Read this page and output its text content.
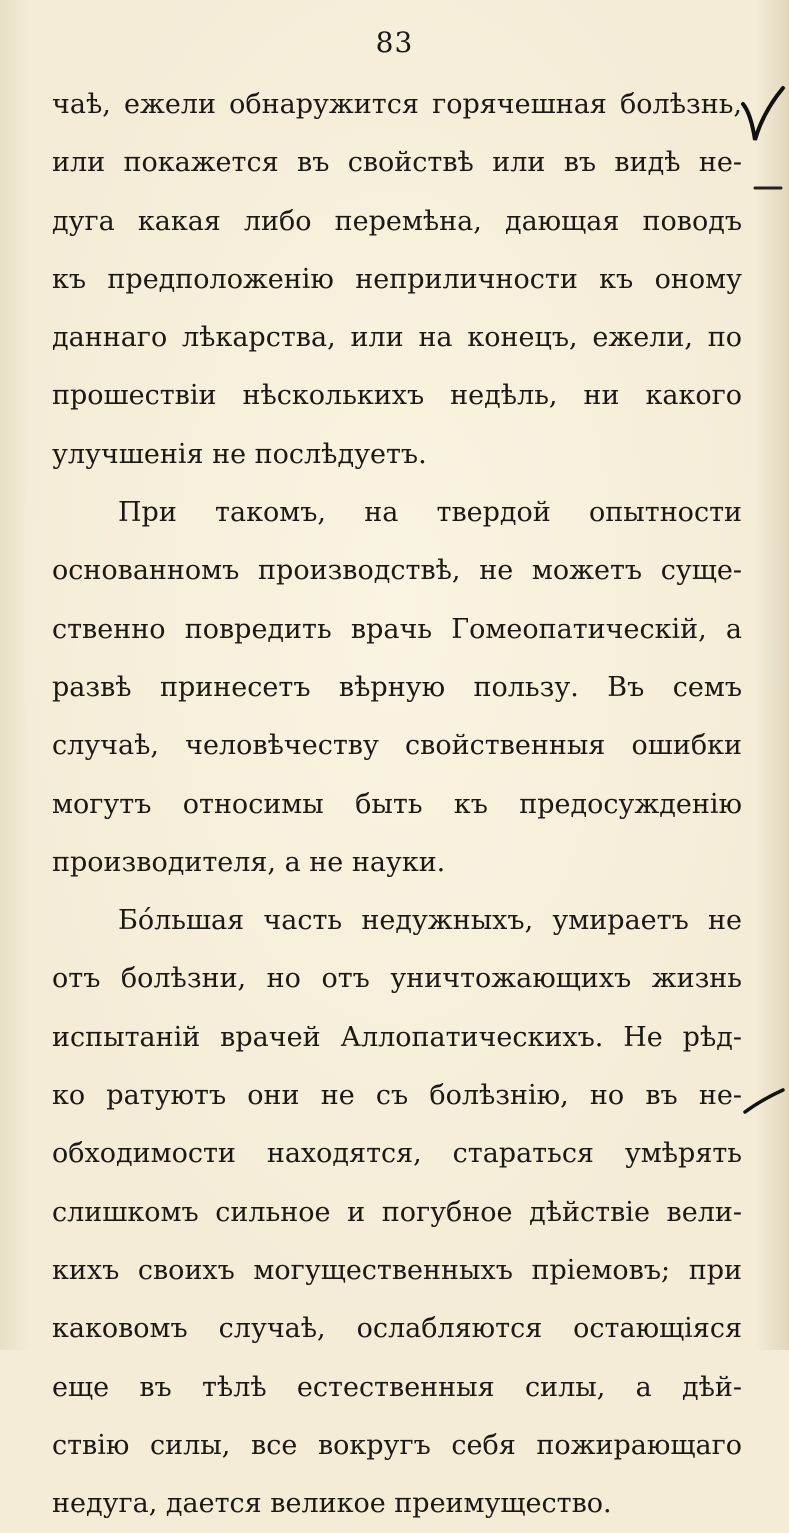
83
чаѣ, ежели обнаружится горячешная болѣзнь,
или покажется въ свойствѣ или въ видѣ не-
дуга какая либо перемѣна, дающая поводъ
къ предположенію неприличности къ оному
даннаго лѣкарства, или на конецъ, ежели, по
прошествіи нѣсколькихъ недѣль, ни какого
улучшенія не послѣдуетъ.
При такомъ, на твердой опытности
основанномъ производствѣ, не можетъ суще-
ственно повредить врачь Гомеопатическій, а
развѣ принесетъ вѣрную пользу. Въ семъ
случаѣ, человѣчеству свойственныя ошибки
могутъ относимы быть къ предосужденію
производителя, а не науки.
Бо́льшая часть недужныхъ, умираетъ не
отъ болѣзни, но отъ уничтожающихъ жизнь
испытаній врачей Аллопатическихъ. Не рѣд-
ко ратуютъ они не съ болѣзнію, но въ не-
обходимости находятся, стараться умѣрять
слишкомъ сильное и погубное дѣйствіе вели-
кихъ своихъ могущественныхъ пріемовъ; при
каковомъ случаѣ, ослабляются остающіяся
еще въ тѣлѣ естественныя силы, а дѣй-
ствію силы, все вокругъ себя пожирающаго
недуга, дается великое преимущество.
